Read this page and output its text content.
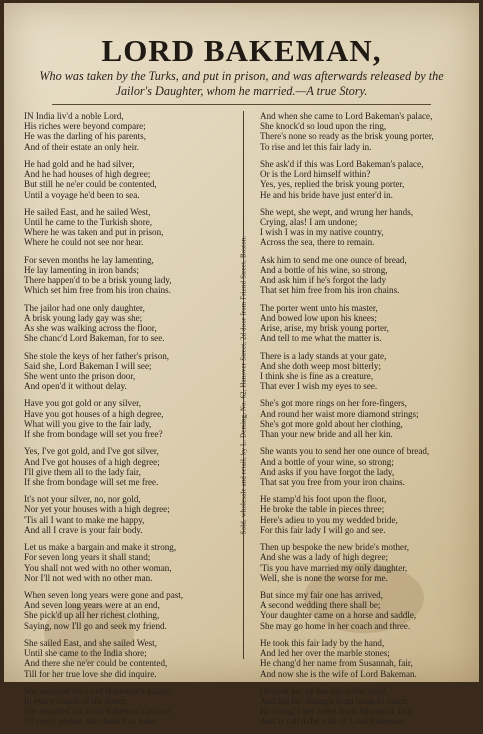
LORD BAKEMAN,
Who was taken by the Turks, and put in prison, and was afterwards released by the Jailor's Daughter, whom he married.—A true Story.
IN India liv'd a noble Lord,
His riches were beyond compare;
He was the darling of his parents,
And of their estate an only heir.
He had gold and he had silver,
And he had houses of high degree;
But still he ne'er could be contented,
Until a voyage he'd been to sea.
He sailed East, and he sailed West,
Until he came to the Turkish shore,
Where he was taken and put in prison,
Where he could not see nor hear.
For seven months he lay lamenting,
He lay lamenting in iron bands;
There happen'd to be a brisk young lady,
Which set him free from his iron chains.
The jailor had one only daughter,
A brisk young lady gay was she;
As she was walking across the floor,
She chanc'd Lord Bakeman, for to see.
She stole the keys of her father's prison,
Said she, Lord Bakeman I will see;
She went unto the prison door,
And open'd it without delay.
Have you got gold or any silver,
Have you got houses of a high degree,
What will you give to the fair lady,
If she from bondage will set you free?
Yes, I've got gold, and I've got silver,
And I've got houses of a high degree;
I'll give them all to the lady fair,
If she from bondage will set me free.
It's not your silver, no, nor gold,
Nor yet your houses with a high degree;
'Tis all I want to make me happy,
And all I crave is your fair body.
Let us make a bargain and make it strong,
For seven long years it shall stand;
You shall not wed with no other woman,
Nor I'll not wed with no other man.
When seven long years were gone and past,
And seven long years were at an end,
She pick'd up all her richest clothing,
Saying, now I'll go and seek my friend.
She sailed East, and she sailed West,
Until she came to the India shore;
And there she ne'er could be contented,
Till for her true love she did inquire.
She inquired for Lord Bakeman's palace,
In every corner of the street;
She inquired for Lord Bakeman's palace,
Of every person she chanc'd to meet.
Sold, wholesale and retail, by L. Deming, No. 62, Hanover Street, 2d door from Friend Street, Boston.
And when she came to Lord Bakeman's palace,
She knock'd so loud upon the ring,
There's none so ready as the brisk young porter,
To rise and let this fair lady in.
She ask'd if this was Lord Bakeman's palace,
Or is the Lord himself within?
Yes, yes, replied the brisk young porter,
He and his bride have just enter'd in.
She wept, she wept, and wrung her hands,
Crying, alas! I am undone;
I wish I was in my native country,
Across the sea, there to remain.
Ask him to send me one ounce of bread,
And a bottle of his wine, so strong,
And ask him if he's forgot the lady
That set him free from his iron chains.
The porter went unto his master,
And bowed low upon his knees;
Arise, arise, my brisk young porter,
And tell to me what the matter is.
There is a lady stands at your gate,
And she doth weep most bitterly;
I think she is fine as a creature,
That ever I wish my eyes to see.
She's got more rings on her fore-fingers,
And round her waist more diamond strings;
She's got more gold about her clothing,
Than your new bride and all her kin.
She wants you to send her one ounce of bread,
And a bottle of your wine, so strong;
And asks if you have forgot the lady,
That sat you free from your iron chains.
He stamp'd his foot upon the floor,
He broke the table in pieces three;
Here's adieu to you my wedded bride,
For this fair lady I will go and see.
Then up bespoke the new bride's mother,
And she was a lady of high degree;
'Tis you have married my only daughter,
Well, she is none the worse for me.
But since my fair one has arrived,
A second wedding there shall be;
Your daughter came on a horse and saddle,
She may go home in her coach and three.
He took this fair lady by the hand,
And led her over the marble stones;
He chang'd her name from Susannah, fair,
And now she is the wife of Lord Bakeman.
He took her by her lily-white hand,
And led her through from room to room;
He chang'd her name from Susannah, fair,
And is call'd the wife of Lord Bakeman.
